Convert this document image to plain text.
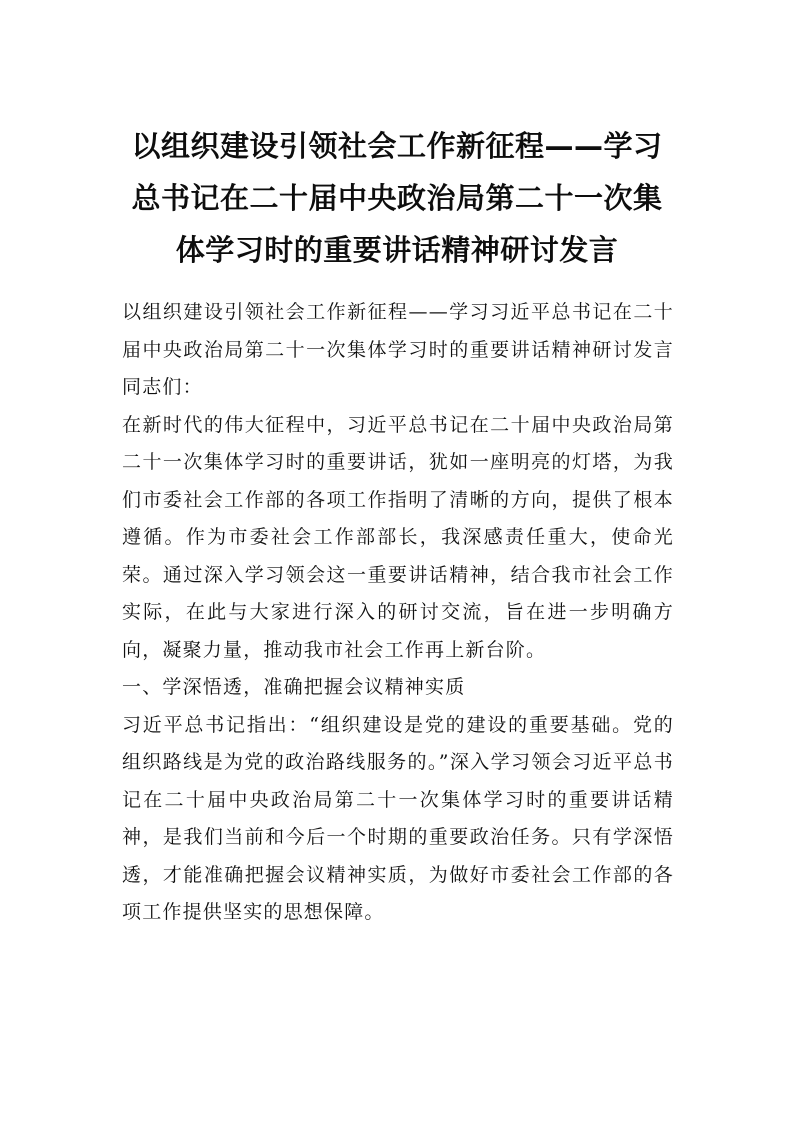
以组织建设引领社会工作新征程——学习总书记在二十届中央政治局第二十一次集体学习时的重要讲话精神研讨发言

以组织建设引领社会工作新征程——学习习近平总书记在二十届中央政治局第二十一次集体学习时的重要讲话精神研讨发言同志们：

在新时代的伟大征程中，习近平总书记在二十届中央政治局第二十一次集体学习时的重要讲话，犹如一座明亮的灯塔，为我们市委社会工作部的各项工作指明了清晰的方向，提供了根本遵循。作为市委社会工作部部长，我深感责任重大，使命光荣。通过深入学习领会这一重要讲话精神，结合我市社会工作实际，在此与大家进行深入的研讨交流，旨在进一步明确方向，凝聚力量，推动我市社会工作再上新台阶。

一、学深悟透，准确把握会议精神实质

习近平总书记指出：“组织建设是党的建设的重要基础。党的组织路线是为党的政治路线服务的。”深入学习领会习近平总书记在二十届中央政治局第二十一次集体学习时的重要讲话精神，是我们当前和今后一个时期的重要政治任务。只有学深悟透，才能准确把握会议精神实质，为做好市委社会工作部的各项工作提供坚实的思想保障。
